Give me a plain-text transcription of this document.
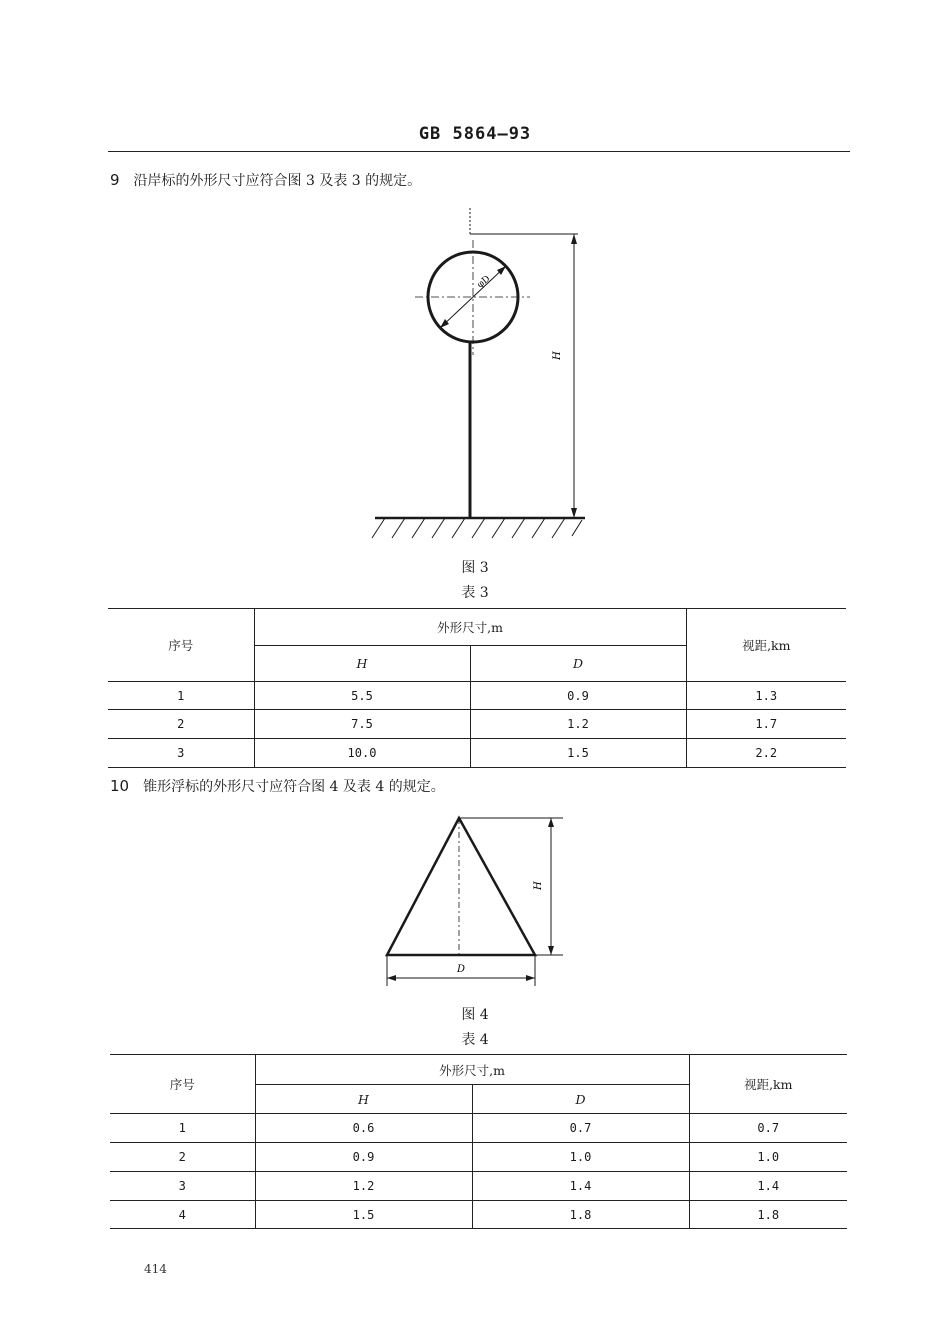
GB 5864—93
9 沿岸标的外形尺寸应符合图 3 及表 3 的规定。
φD
H
图 3
表 3
序号	外形尺寸,m		视距,km
	H	D	
1	5.5	0.9	1.3
2	7.5	1.2	1.7
3	10.0	1.5	2.2
10 锥形浮标的外形尺寸应符合图 4 及表 4 的规定。
H
D
图 4
表 4
序号	外形尺寸,m		视距,km
	H	D	
1	0.6	0.7	0.7
2	0.9	1.0	1.0
3	1.2	1.4	1.4
4	1.5	1.8	1.8
414
